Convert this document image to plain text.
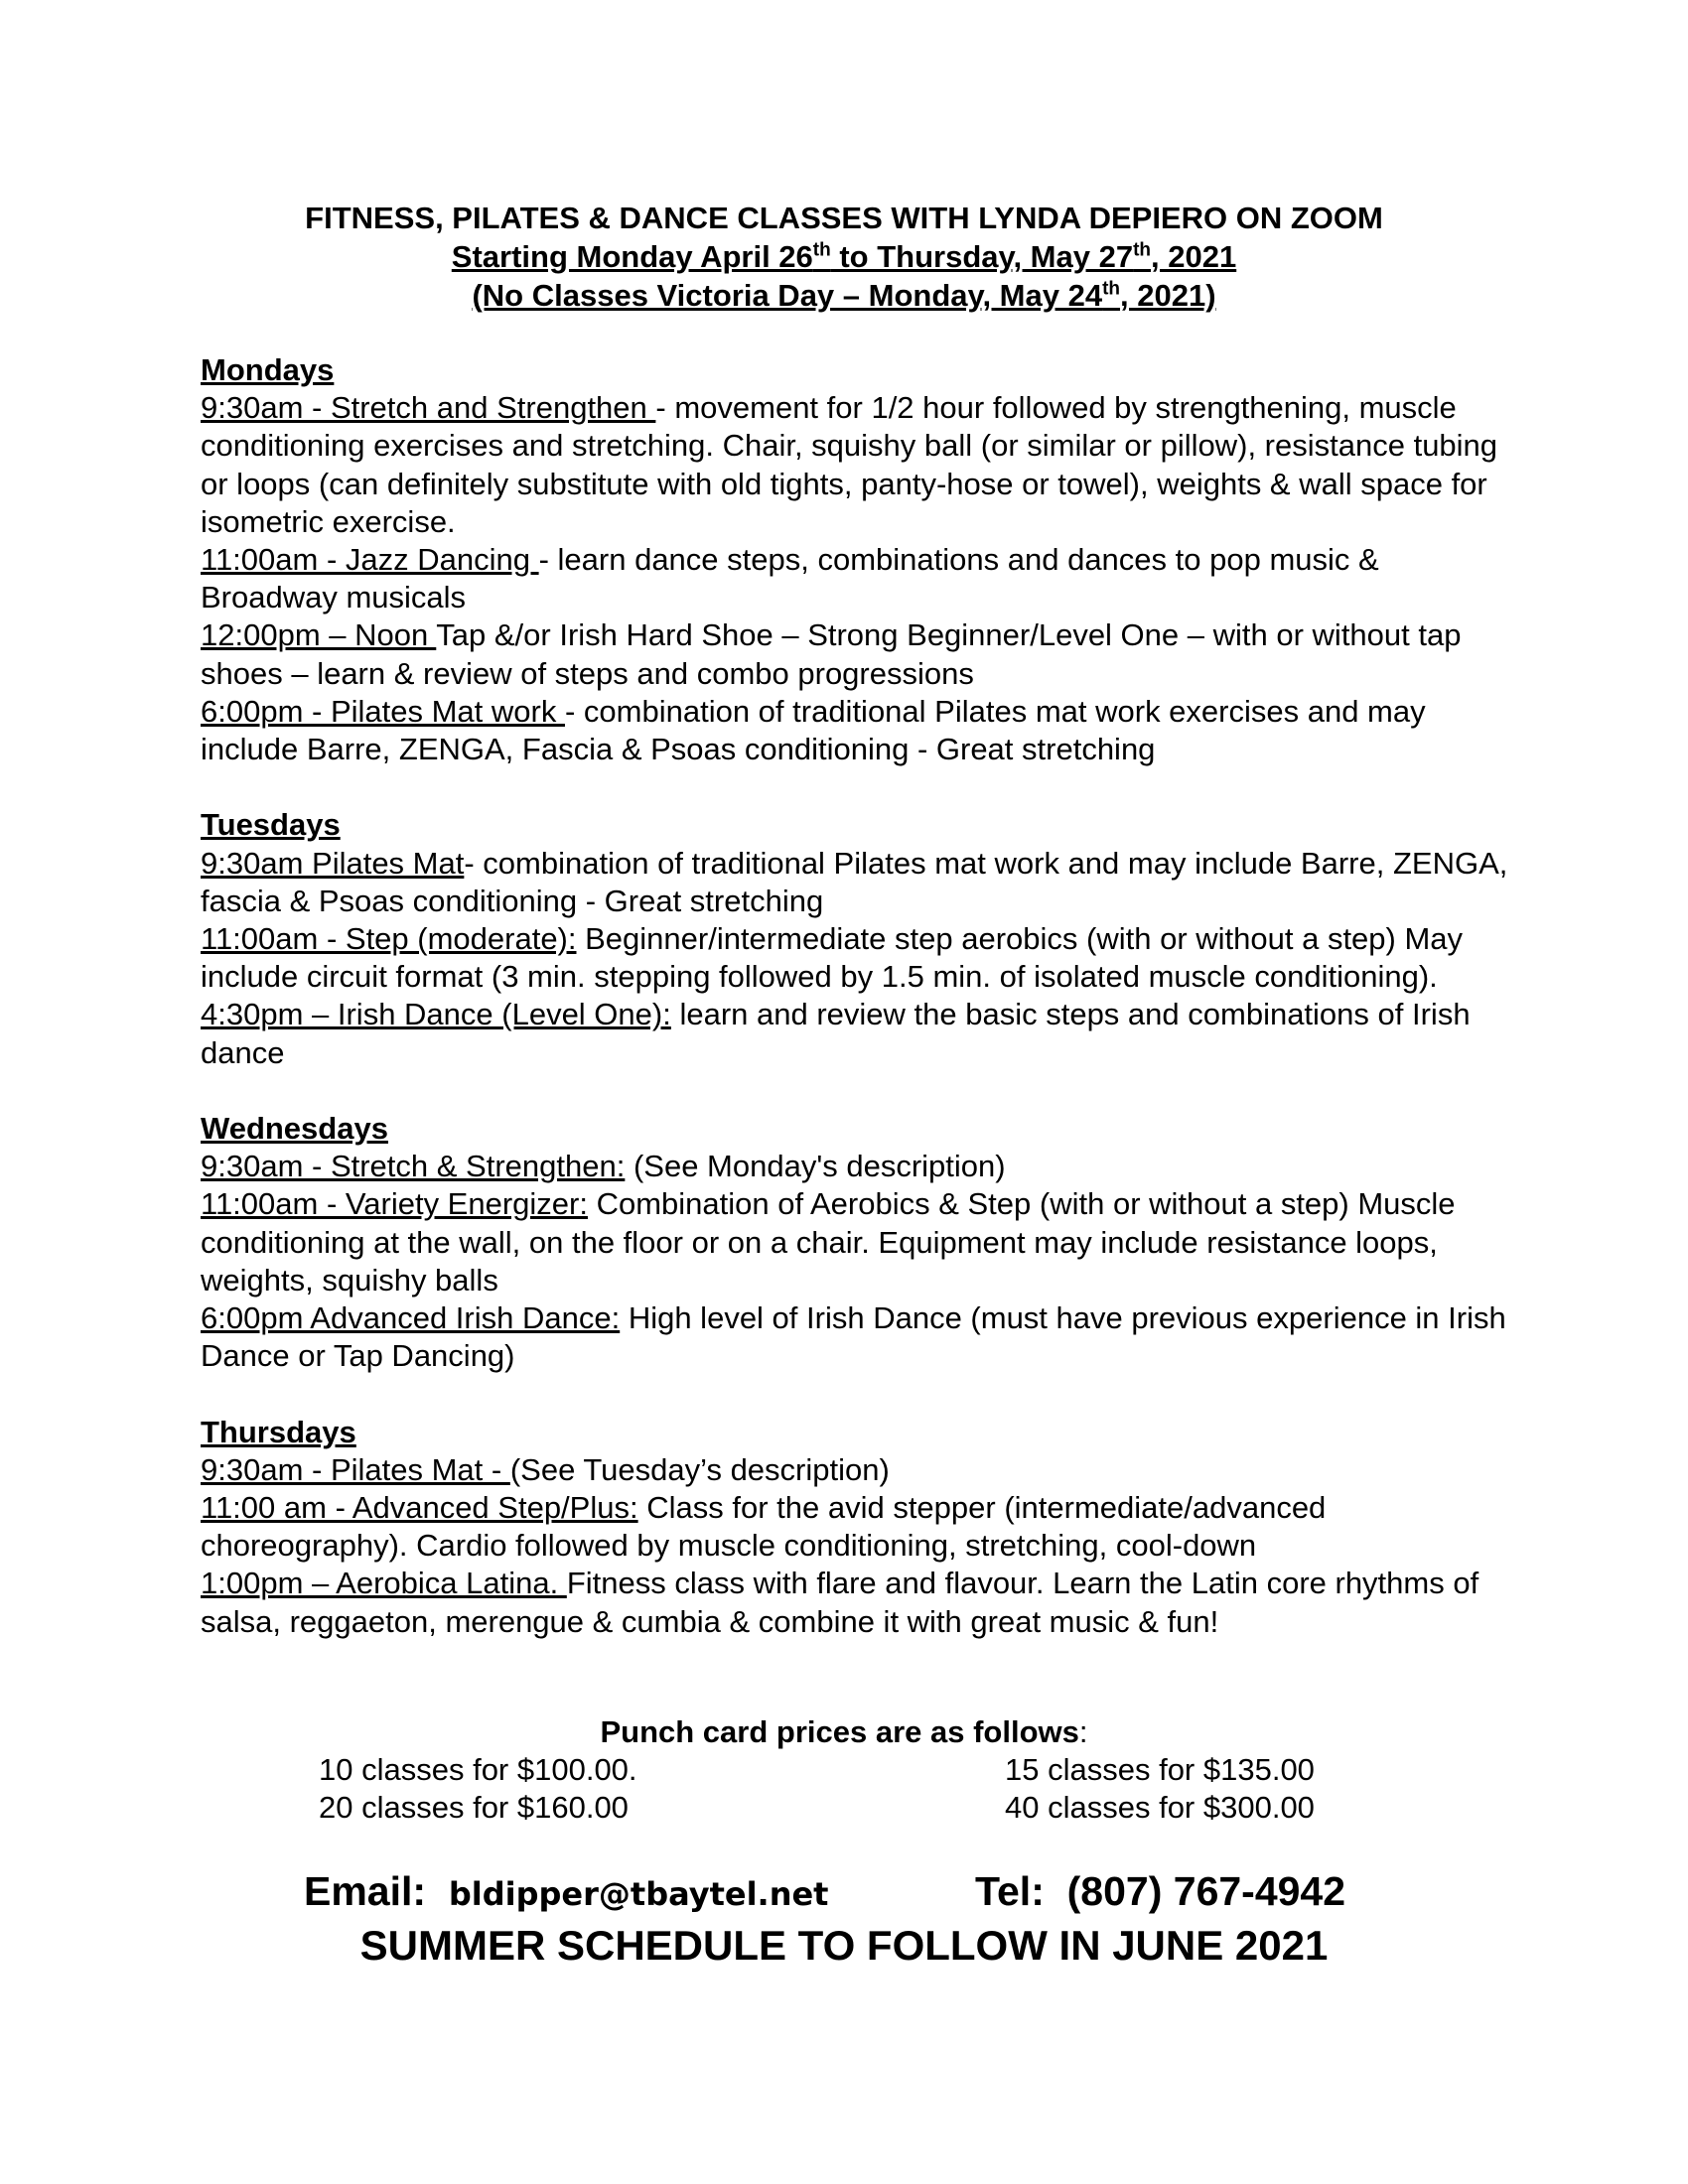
FITNESS, PILATES & DANCE CLASSES WITH LYNDA DEPIERO ON ZOOM
Starting Monday April 26th to Thursday, May 27th, 2021
(No Classes Victoria Day – Monday, May 24th, 2021)
Mondays
9:30am - Stretch and Strengthen - movement for 1/2 hour followed by strengthening, muscle conditioning exercises and stretching. Chair, squishy ball (or similar or pillow), resistance tubing or loops (can definitely substitute with old tights, panty-hose or towel), weights & wall space for isometric exercise.
11:00am - Jazz Dancing - learn dance steps, combinations and dances to pop music & Broadway musicals
12:00pm – Noon Tap &/or Irish Hard Shoe – Strong Beginner/Level One – with or without tap shoes – learn & review of steps and combo progressions
6:00pm - Pilates Mat work - combination of traditional Pilates mat work exercises and may include Barre, ZENGA, Fascia & Psoas conditioning - Great stretching
Tuesdays
9:30am Pilates Mat- combination of traditional Pilates mat work and may include Barre, ZENGA, fascia & Psoas conditioning - Great stretching
11:00am - Step (moderate): Beginner/intermediate step aerobics (with or without a step) May include circuit format (3 min. stepping followed by 1.5 min. of isolated muscle conditioning).
4:30pm – Irish Dance (Level One): learn and review the basic steps and combinations of Irish dance
Wednesdays
9:30am - Stretch & Strengthen: (See Monday's description)
11:00am - Variety Energizer: Combination of Aerobics & Step (with or without a step) Muscle conditioning at the wall, on the floor or on a chair. Equipment may include resistance loops, weights, squishy balls
6:00pm Advanced Irish Dance: High level of Irish Dance (must have previous experience in Irish Dance or Tap Dancing)
Thursdays
9:30am - Pilates Mat - (See Tuesday’s description)
11:00 am - Advanced Step/Plus: Class for the avid stepper (intermediate/advanced choreography). Cardio followed by muscle conditioning, stretching, cool-down
1:00pm – Aerobica Latina. Fitness class with flare and flavour. Learn the Latin core rhythms of salsa, reggaeton, merengue & cumbia & combine it with great music & fun!
Punch card prices are as follows:
10 classes for $100.00.	15 classes for $135.00
20 classes for $160.00	40 classes for $300.00
Email: bldipper@tbaytel.net	Tel: (807) 767-4942
SUMMER SCHEDULE TO FOLLOW IN JUNE 2021
